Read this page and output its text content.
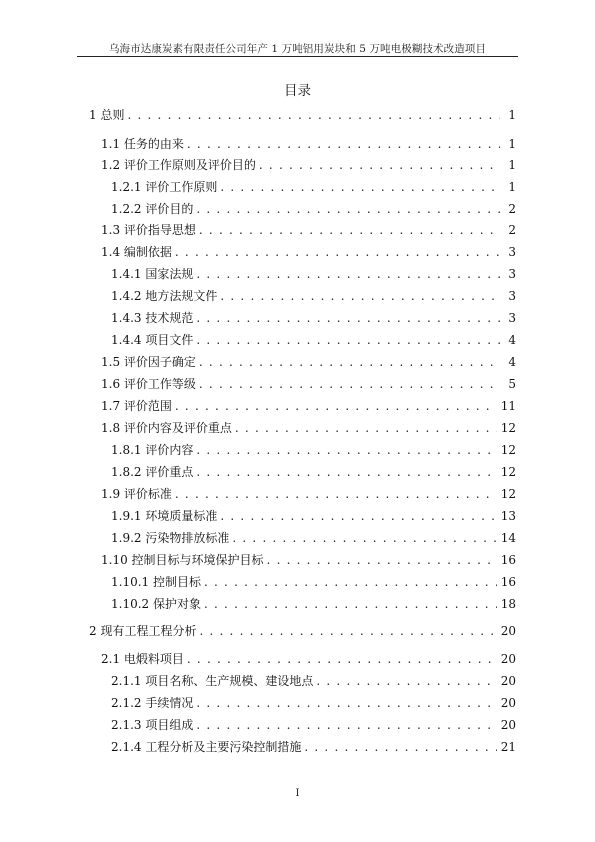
乌海市达康炭素有限责任公司年产 1 万吨铝用炭块和 5 万吨电极糊技术改造项目
目录
1 总则 . . .	1
1.1 任务的由来 . . .	1
1.2 评价工作原则及评价目的 . . .	1
1.2.1 评价工作原则 . . .	1
1.2.2 评价目的 . . .	2
1.3 评价指导思想 . . .	2
1.4 编制依据 . . .	3
1.4.1 国家法规 . . .	3
1.4.2 地方法规文件 . . .	3
1.4.3 技术规范 . . .	3
1.4.4 项目文件 . . .	4
1.5 评价因子确定 . . .	4
1.6 评价工作等级 . . .	5
1.7 评价范围 . . .	11
1.8 评价内容及评价重点 . . .	12
1.8.1 评价内容 . . .	12
1.8.2 评价重点 . . .	12
1.9 评价标准 . . .	12
1.9.1 环境质量标准 . . .	13
1.9.2 污染物排放标准 . . .	14
1.10 控制目标与环境保护目标 . . .	16
1.10.1 控制目标 . . .	16
1.10.2 保护对象 . . .	18
2 现有工程工程分析 . . .	20
2.1 电煅料项目 . . .	20
2.1.1 项目名称、生产规模、建设地点 . . .	20
2.1.2 手续情况 . . .	20
2.1.3 项目组成 . . .	20
2.1.4 工程分析及主要污染控制措施 . . .	21
I
